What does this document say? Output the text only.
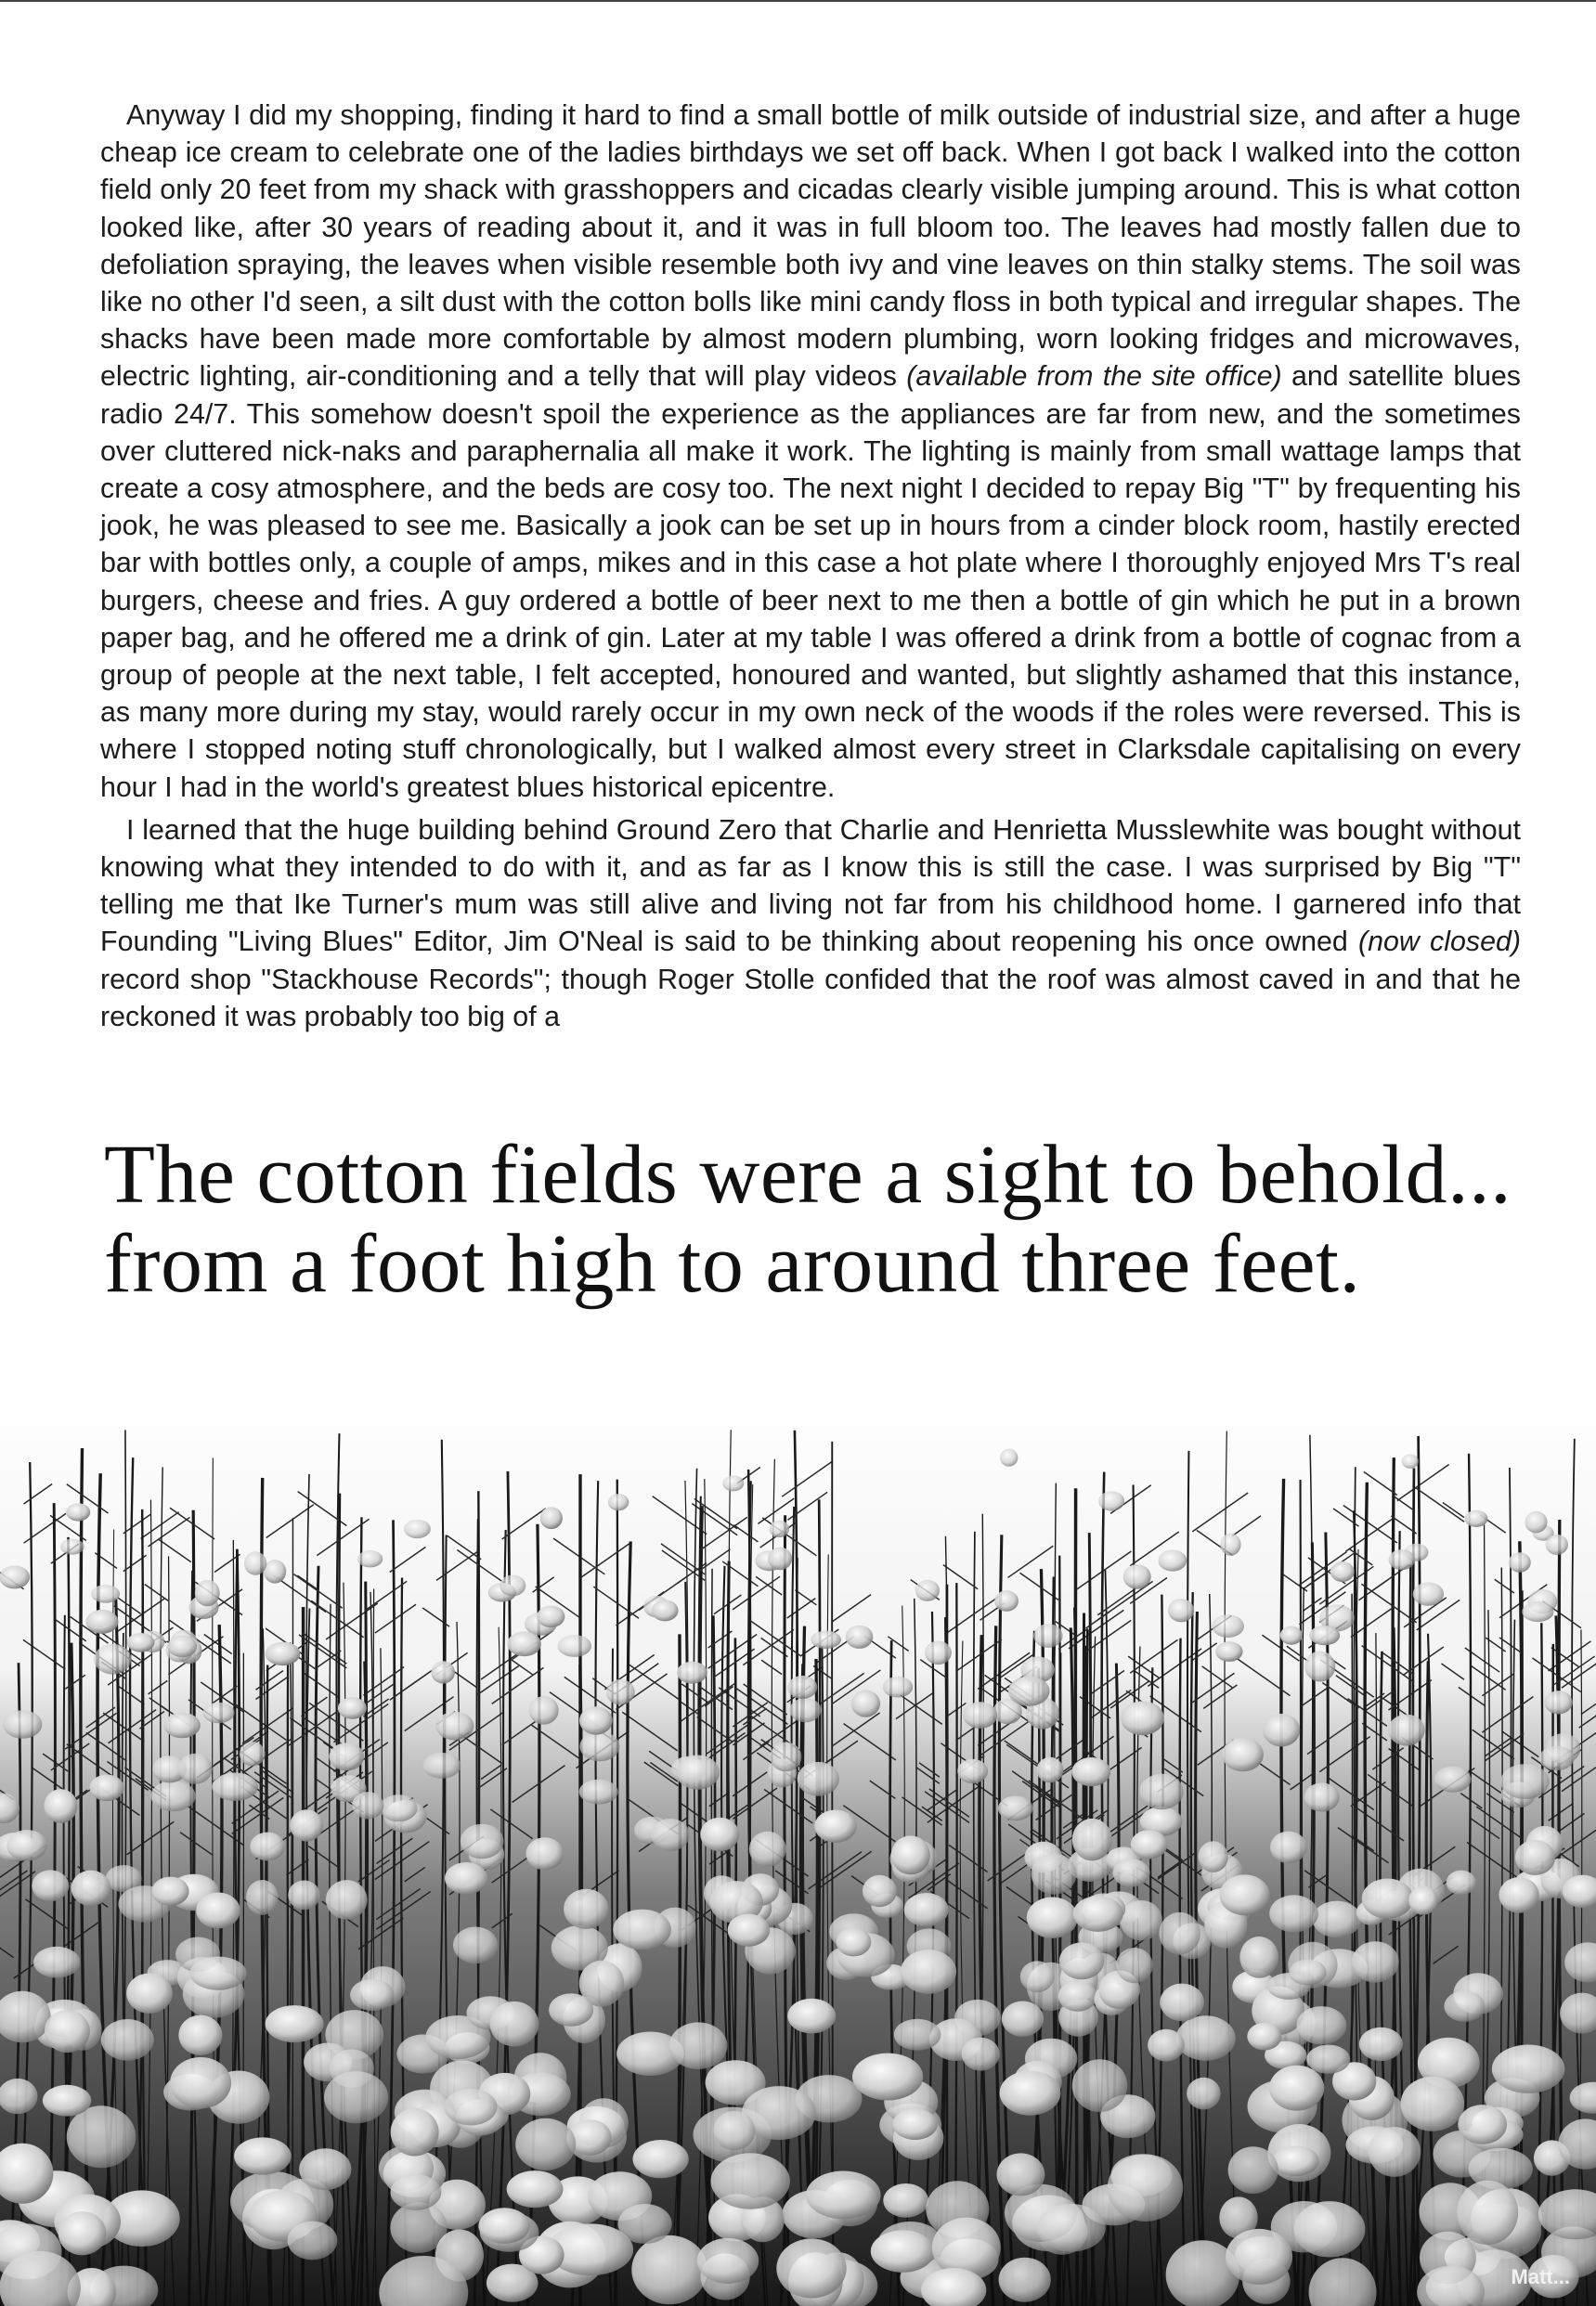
Anyway I did my shopping, finding it hard to find a small bottle of milk outside of industrial size, and after a huge cheap ice cream to celebrate one of the ladies birthdays we set off back. When I got back I walked into the cotton field only 20 feet from my shack with grasshoppers and cicadas clearly visible jumping around. This is what cotton looked like, after 30 years of reading about it, and it was in full bloom too. The leaves had mostly fallen due to defoliation spraying, the leaves when visible resemble both ivy and vine leaves on thin stalky stems. The soil was like no other I'd seen, a silt dust with the cotton bolls like mini candy floss in both typical and irregular shapes. The shacks have been made more comfortable by almost modern plumbing, worn looking fridges and microwaves, electric lighting, air-conditioning and a telly that will play videos (available from the site office) and satellite blues radio 24/7. This somehow doesn't spoil the experience as the appliances are far from new, and the sometimes over cluttered nick-naks and paraphernalia all make it work. The lighting is mainly from small wattage lamps that create a cosy atmosphere, and the beds are cosy too. The next night I decided to repay Big "T" by frequenting his jook, he was pleased to see me. Basically a jook can be set up in hours from a cinder block room, hastily erected bar with bottles only, a couple of amps, mikes and in this case a hot plate where I thoroughly enjoyed Mrs T's real burgers, cheese and fries. A guy ordered a bottle of beer next to me then a bottle of gin which he put in a brown paper bag, and he offered me a drink of gin. Later at my table I was offered a drink from a bottle of cognac from a group of people at the next table, I felt accepted, honoured and wanted, but slightly ashamed that this instance, as many more during my stay, would rarely occur in my own neck of the woods if the roles were reversed. This is where I stopped noting stuff chronologically, but I walked almost every street in Clarksdale capitalising on every hour I had in the world's greatest blues historical epicentre.

I learned that the huge building behind Ground Zero that Charlie and Henrietta Musslewhite was bought without knowing what they intended to do with it, and as far as I know this is still the case. I was surprised by Big "T" telling me that Ike Turner's mum was still alive and living not far from his childhood home. I garnered info that Founding "Living Blues" Editor, Jim O'Neal is said to be thinking about reopening his once owned (now closed) record shop "Stackhouse Records"; though Roger Stolle confided that the roof was almost caved in and that he reckoned it was probably too big of a

The cotton fields were a sight to behold...
from a foot high to around three feet.
Matt...
